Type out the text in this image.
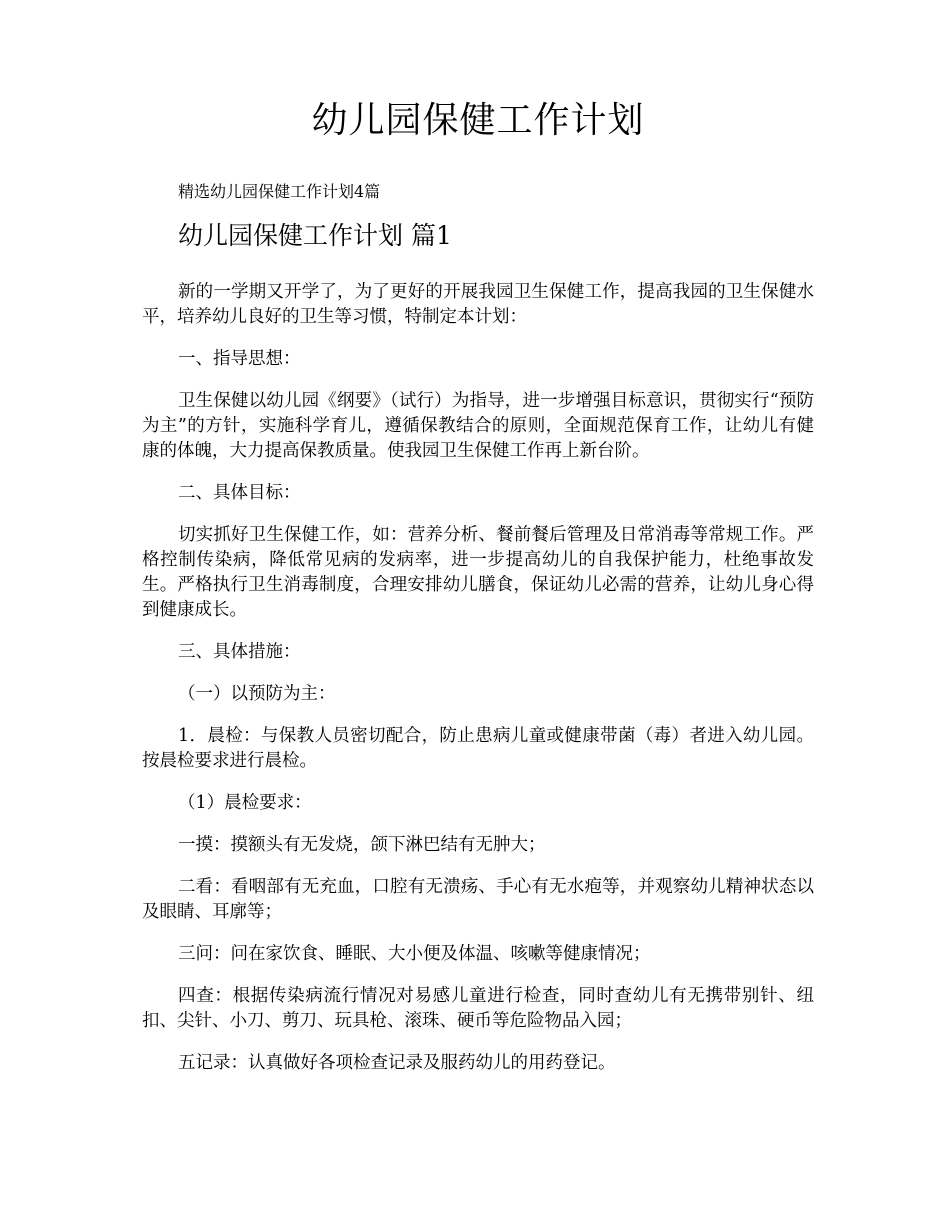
幼儿园保健工作计划

精选幼儿园保健工作计划4篇

幼儿园保健工作计划 篇1

新的一学期又开学了，为了更好的开展我园卫生保健工作，提高我园的卫生保健水平，培养幼儿良好的卫生等习惯，特制定本计划：

一、指导思想：

卫生保健以幼儿园《纲要》（试行）为指导，进一步增强目标意识，贯彻实行“预防为主”的方针，实施科学育儿，遵循保教结合的原则，全面规范保育工作，让幼儿有健康的体魄，大力提高保教质量。使我园卫生保健工作再上新台阶。

二、具体目标：

切实抓好卫生保健工作，如：营养分析、餐前餐后管理及日常消毒等常规工作。严格控制传染病，降低常见病的发病率，进一步提高幼儿的自我保护能力，杜绝事故发生。严格执行卫生消毒制度，合理安排幼儿膳食，保证幼儿必需的营养，让幼儿身心得到健康成长。

三、具体措施：

（一）以预防为主：

1．晨检：与保教人员密切配合，防止患病儿童或健康带菌（毒）者进入幼儿园。按晨检要求进行晨检。

（1）晨检要求：

一摸：摸额头有无发烧，颌下淋巴结有无肿大；

二看：看咽部有无充血，口腔有无溃疡、手心有无水疱等，并观察幼儿精神状态以及眼睛、耳廓等；

三问：问在家饮食、睡眠、大小便及体温、咳嗽等健康情况；

四查：根据传染病流行情况对易感儿童进行检查，同时查幼儿有无携带别针、纽扣、尖针、小刀、剪刀、玩具枪、滚珠、硬币等危险物品入园；

五记录：认真做好各项检查记录及服药幼儿的用药登记。
